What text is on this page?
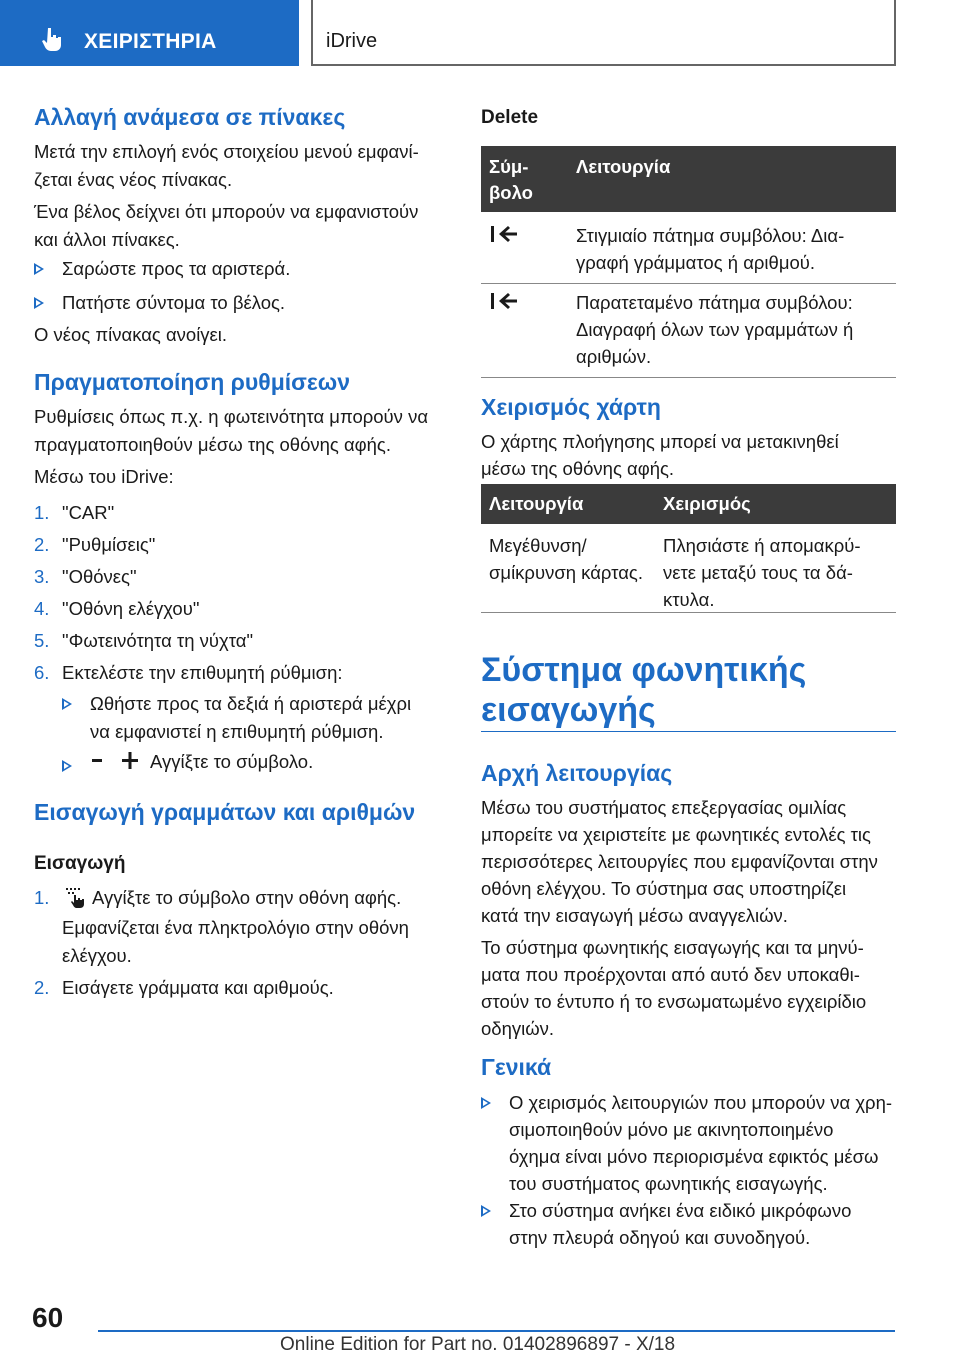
ΧΕΙΡΙΣΤΗΡΙΑ	iDrive
Αλλαγή ανάμεσα σε πίνακες
Μετά την επιλογή ενός στοιχείου μενού εμφανί‐
ζεται ένας νέος πίνακας.
Ένα βέλος δείχνει ότι μπορούν να εμφανιστούν
και άλλοι πίνακες.
Σαρώστε προς τα αριστερά.
Πατήστε σύντομα το βέλος.
Ο νέος πίνακας ανοίγει.
Πραγματοποίηση ρυθμίσεων
Ρυθμίσεις όπως π.χ. η φωτεινότητα μπορούν να
πραγματοποιηθούν μέσω της οθόνης αφής.
Μέσω του iDrive:
1. "CAR"
2. "Ρυθμίσεις"
3. "Οθόνες"
4. "Οθόνη ελέγχου"
5. "Φωτεινότητα τη νύχτα"
6. Εκτελέστε την επιθυμητή ρύθμιση:
Ωθήστε προς τα δεξιά ή αριστερά μέχρι
να εμφανιστεί η επιθυμητή ρύθμιση.
Αγγίξτε το σύμβολο.
Εισαγωγή γραμμάτων και αριθμών
Εισαγωγή
1. Αγγίξτε το σύμβολο στην οθόνη αφής.
Εμφανίζεται ένα πληκτρολόγιο στην οθόνη
ελέγχου.
2. Εισάγετε γράμματα και αριθμούς.
Delete
Σύμ‐
βολο
Λειτουργία
Στιγμιαίο πάτημα συμβόλου: Δια‐
γραφή γράμματος ή αριθμού.
Παρατεταμένο πάτημα συμβόλου:
Διαγραφή όλων των γραμμάτων ή
αριθμών.
Χειρισμός χάρτη
Ο χάρτης πλοήγησης μπορεί να μετακινηθεί
μέσω της οθόνης αφής.
Λειτουργία	Χειρισμός
Μεγέθυνση/
σμίκρυνση κάρτας.
Πλησιάστε ή απομακρύ‐
νετε μεταξύ τους τα δά‐
κτυλα.
Σύστημα φωνητικής
εισαγωγής
Αρχή λειτουργίας
Μέσω του συστήματος επεξεργασίας ομιλίας
μπορείτε να χειριστείτε με φωνητικές εντολές τις
περισσότερες λειτουργίες που εμφανίζονται στην
οθόνη ελέγχου. Το σύστημα σας υποστηρίζει
κατά την εισαγωγή μέσω αναγγελιών.
Το σύστημα φωνητικής εισαγωγής και τα μηνύ‐
ματα που προέρχονται από αυτό δεν υποκαθι‐
στούν το έντυπο ή το ενσωματωμένο εγχειρίδιο
οδηγιών.
Γενικά
Ο χειρισμός λειτουργιών που μπορούν να χρη‐
σιμοποιηθούν μόνο με ακινητοποιημένο
όχημα είναι μόνο περιορισμένα εφικτός μέσω
του συστήματος φωνητικής εισαγωγής.
Στο σύστημα ανήκει ένα ειδικό μικρόφωνο
στην πλευρά οδηγού και συνοδηγού.
60
Online Edition for Part no. 01402896897 - X/18
